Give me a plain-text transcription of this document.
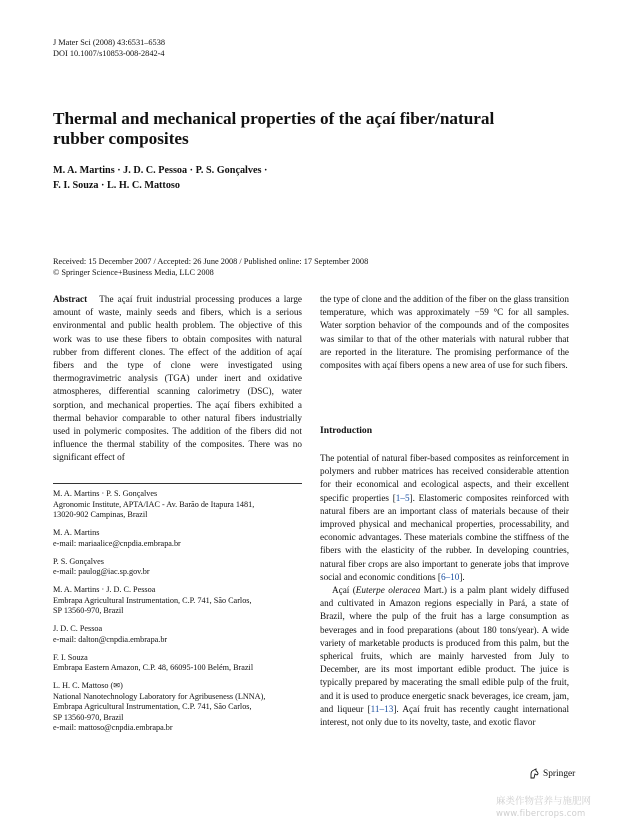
J Mater Sci (2008) 43:6531–6538
DOI 10.1007/s10853-008-2842-4
Thermal and mechanical properties of the açaí fiber/natural rubber composites
M. A. Martins · J. D. C. Pessoa · P. S. Gonçalves ·
F. I. Souza · L. H. C. Mattoso
Received: 15 December 2007 / Accepted: 26 June 2008 / Published online: 17 September 2008
© Springer Science+Business Media, LLC 2008

Abstract The açaí fruit industrial processing produces a large amount of waste, mainly seeds and fibers, which is a serious environmental and public health problem. The objective of this work was to use these fibers to obtain composites with natural rubber from different clones. The effect of the addition of açaí fibers and the type of clone were investigated using thermogravimetric analysis (TGA) under inert and oxidative atmospheres, differential scanning calorimetry (DSC), water sorption, and mechanical properties. The açaí fibers exhibited a thermal behavior comparable to other natural fibers industrially used in polymeric composites. The addition of the fibers did not influence the thermal stability of the composites. There was no significant effect of

the type of clone and the addition of the fiber on the glass transition temperature, which was approximately −59 °C for all samples. Water sorption behavior of the compounds and of the composites was similar to that of the other materials with natural rubber that are reported in the literature. The promising performance of the composites with açaí fibers opens a new area of use for such fibers.

Introduction

The potential of natural fiber-based composites as reinforcement in polymers and rubber matrices has received considerable attention for their economical and ecological aspects, and their excellent specific properties [1–5]. Elastomeric composites reinforced with natural fibers are an important class of materials because of their improved physical and mechanical properties, processability, and economic advantages. These materials combine the stiffness of the fibers with the elasticity of the rubber. In developing countries, natural fiber crops are also important to generate jobs that improve social and economic conditions [6–10].

Açaí (Euterpe oleracea Mart.) is a palm plant widely diffused and cultivated in Amazon regions especially in Pará, a state of Brazil, where the pulp of the fruit has a large consumption as beverages and in food preparations (about 180 tons/year). A wide variety of marketable products is produced from this palm, but the spherical fruits, which are mainly harvested from July to December, are its most important edible product. The juice is typically prepared by macerating the small edible pulp of the fruit, and it is used to produce energetic snack beverages, ice cream, jam, and liqueur [11–13]. Açaí fruit has recently caught international interest, not only due to its novelty, taste, and exotic flavor

M. A. Martins · P. S. Gonçalves
Agronomic Institute, APTA/IAC - Av. Barão de Itapura 1481,
13020-902 Campinas, Brazil
M. A. Martins
e-mail: mariaalice@cnpdia.embrapa.br
P. S. Gonçalves
e-mail: paulog@iac.sp.gov.br
M. A. Martins · J. D. C. Pessoa
Embrapa Agricultural Instrumentation, C.P. 741, São Carlos,
SP 13560-970, Brazil
J. D. C. Pessoa
e-mail: dalton@cnpdia.embrapa.br
F. I. Souza
Embrapa Eastern Amazon, C.P. 48, 66095-100 Belém, Brazil
L. H. C. Mattoso (✉)
National Nanotechnology Laboratory for Agribuseness (LNNA),
Embrapa Agricultural Instrumentation, C.P. 741, São Carlos,
SP 13560-970, Brazil
e-mail: mattoso@cnpdia.embrapa.br
Springer
麻类作物营养与施肥网
www.fibercrops.com
